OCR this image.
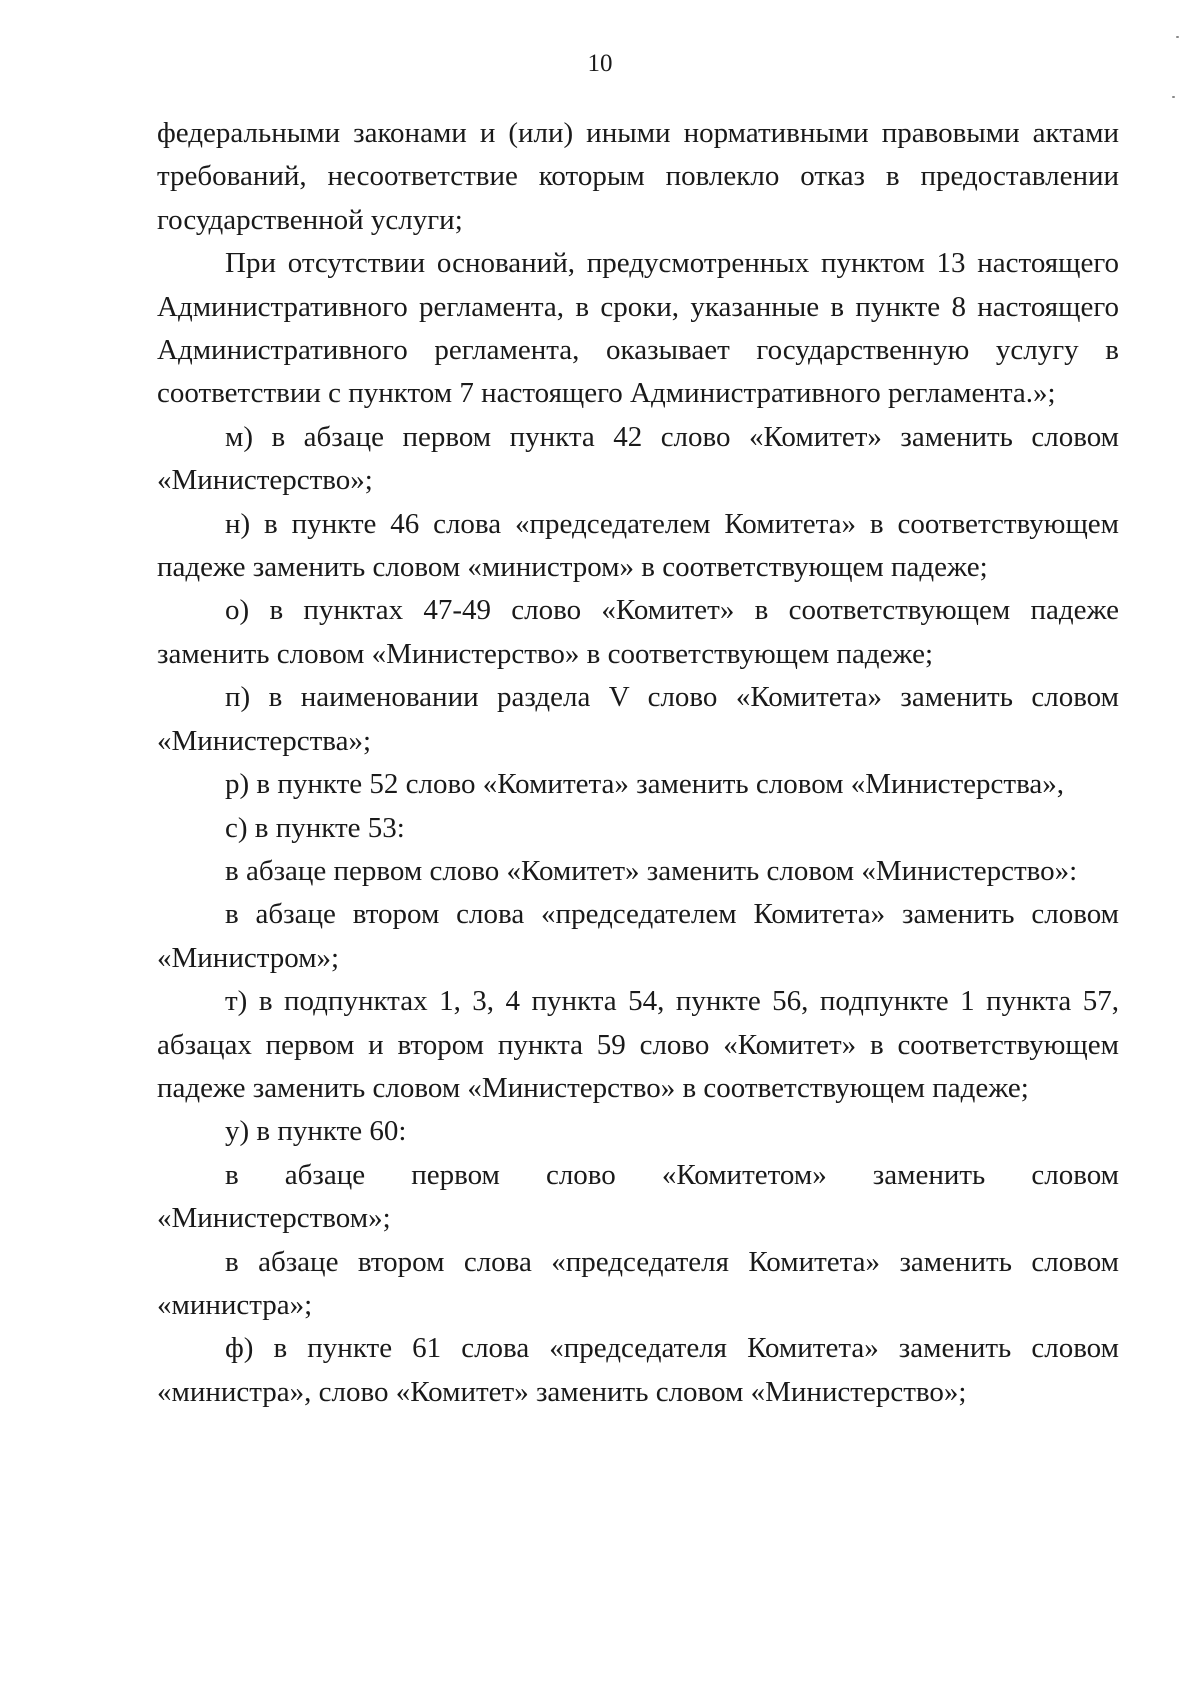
10

федеральными законами и (или) иными нормативными правовыми актами требований, несоответствие которым повлекло отказ в предоставлении государственной услуги;

При отсутствии оснований, предусмотренных пунктом 13 настоящего Административного регламента, в сроки, указанные в пункте 8 настоящего Административного регламента, оказывает государственную услугу в соответствии с пунктом 7 настоящего Административного регламента.»;

м) в абзаце первом пункта 42 слово «Комитет» заменить словом «Министерство»;

н) в пункте 46 слова «председателем Комитета» в соответствующем падеже заменить словом «министром» в соответствующем падеже;

о) в пунктах 47-49 слово «Комитет» в соответствующем падеже заменить словом «Министерство» в соответствующем падеже;

п) в наименовании раздела V слово «Комитета» заменить словом «Министерства»;

р) в пункте 52 слово «Комитета» заменить словом «Министерства»,

с) в пункте 53:

в абзаце первом слово «Комитет» заменить словом «Министерство»:

в абзаце втором слова «председателем Комитета» заменить словом «Министром»;

т) в подпунктах 1, 3, 4 пункта 54, пункте 56, подпункте 1 пункта 57, абзацах первом и втором пункта 59 слово «Комитет» в соответствующем падеже заменить словом «Министерство» в соответствующем падеже;

у) в пункте 60:

в абзаце первом слово «Комитетом» заменить словом «Министерством»;

в абзаце втором слова «председателя Комитета» заменить словом «министра»;

ф) в пункте 61 слова «председателя Комитета» заменить словом «министра», слово «Комитет» заменить словом «Министерство»;
